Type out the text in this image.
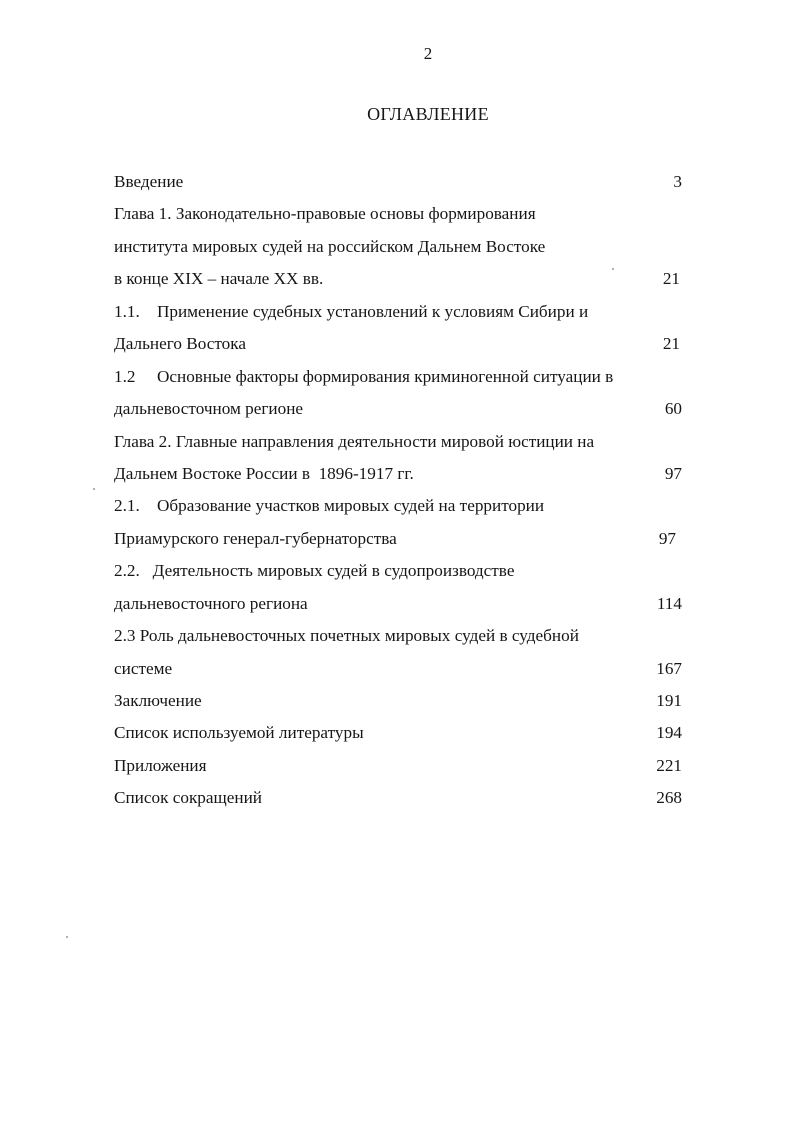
2
ОГЛАВЛЕНИЕ
Введение	3
Глава 1. Законодательно-правовые основы формирования
института мировых судей на российском Дальнем Востоке
в конце XIX – начале XX вв.	21
1.1.    Применение судебных установлений к условиям Сибири и
Дальнего Востока	21
1.2     Основные факторы формирования криминогенной ситуации в
дальневосточном регионе	60
Глава 2. Главные направления деятельности мировой юстиции на
Дальнем Востоке России в  1896-1917 гг.	97
2.1.    Образование участков мировых судей на территории
Приамурского генерал-губернаторства	97
2.2.   Деятельность мировых судей в судопроизводстве
дальневосточного региона	114
2.3 Роль дальневосточных почетных мировых судей в судебной
системе	167
Заключение	191
Список используемой литературы	194
Приложения	221
Список сокращений	268
